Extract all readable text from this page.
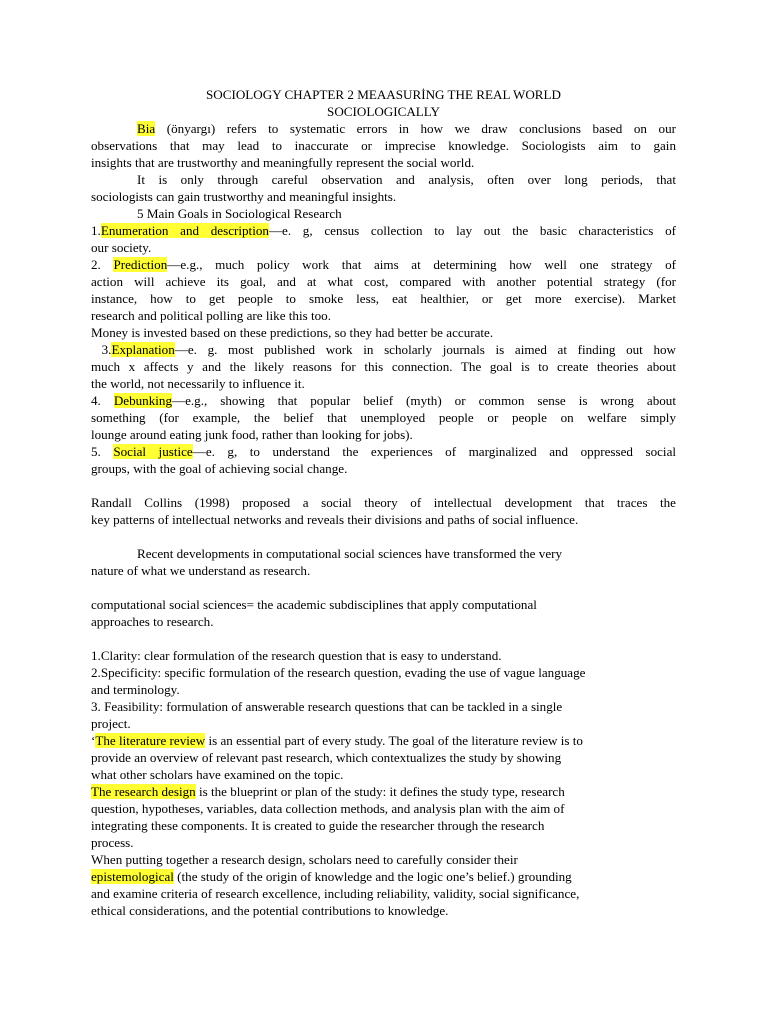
SOCIOLOGY CHAPTER 2 MEAASURİNG THE REAL WORLD
SOCIOLOGICALLY
Bia (önyargı) refers to systematic errors in how we draw conclusions based on our
observations that may lead to inaccurate or imprecise knowledge. Sociologists aim to gain
insights that are trustworthy and meaningfully represent the social world.
It is only through careful observation and analysis, often over long periods, that
sociologists can gain trustworthy and meaningful insights.
5 Main Goals in Sociological Research
1.Enumeration and description—e. g, census collection to lay out the basic characteristics of
our society.
2. Prediction—e.g., much policy work that aims at determining how well one strategy of
action will achieve its goal, and at what cost, compared with another potential strategy (for
instance, how to get people to smoke less, eat healthier, or get more exercise). Market
research and political polling are like this too.
Money is invested based on these predictions, so they had better be accurate.
3.Explanation—e. g. most published work in scholarly journals is aimed at finding out how
much x affects y and the likely reasons for this connection. The goal is to create theories about
the world, not necessarily to influence it.
4. Debunking—e.g., showing that popular belief (myth) or common sense is wrong about
something (for example, the belief that unemployed people or people on welfare simply
lounge around eating junk food, rather than looking for jobs).
5. Social justice—e. g, to understand the experiences of marginalized and oppressed social
groups, with the goal of achieving social change.
Randall Collins (1998) proposed a social theory of intellectual development that traces the
key patterns of intellectual networks and reveals their divisions and paths of social influence.
Recent developments in computational social sciences have transformed the very
nature of what we understand as research.
computational social sciences= the academic subdisciplines that apply computational
approaches to research.
1.Clarity: clear formulation of the research question that is easy to understand.
2.Specificity: specific formulation of the research question, evading the use of vague language
and terminology.
3. Feasibility: formulation of answerable research questions that can be tackled in a single
project.
‘The literature review is an essential part of every study. The goal of the literature review is to
provide an overview of relevant past research, which contextualizes the study by showing
what other scholars have examined on the topic.
The research design is the blueprint or plan of the study: it defines the study type, research
question, hypotheses, variables, data collection methods, and analysis plan with the aim of
integrating these components. It is created to guide the researcher through the research
process.
When putting together a research design, scholars need to carefully consider their
epistemological (the study of the origin of knowledge and the logic one’s belief.) grounding
and examine criteria of research excellence, including reliability, validity, social significance,
ethical considerations, and the potential contributions to knowledge.
